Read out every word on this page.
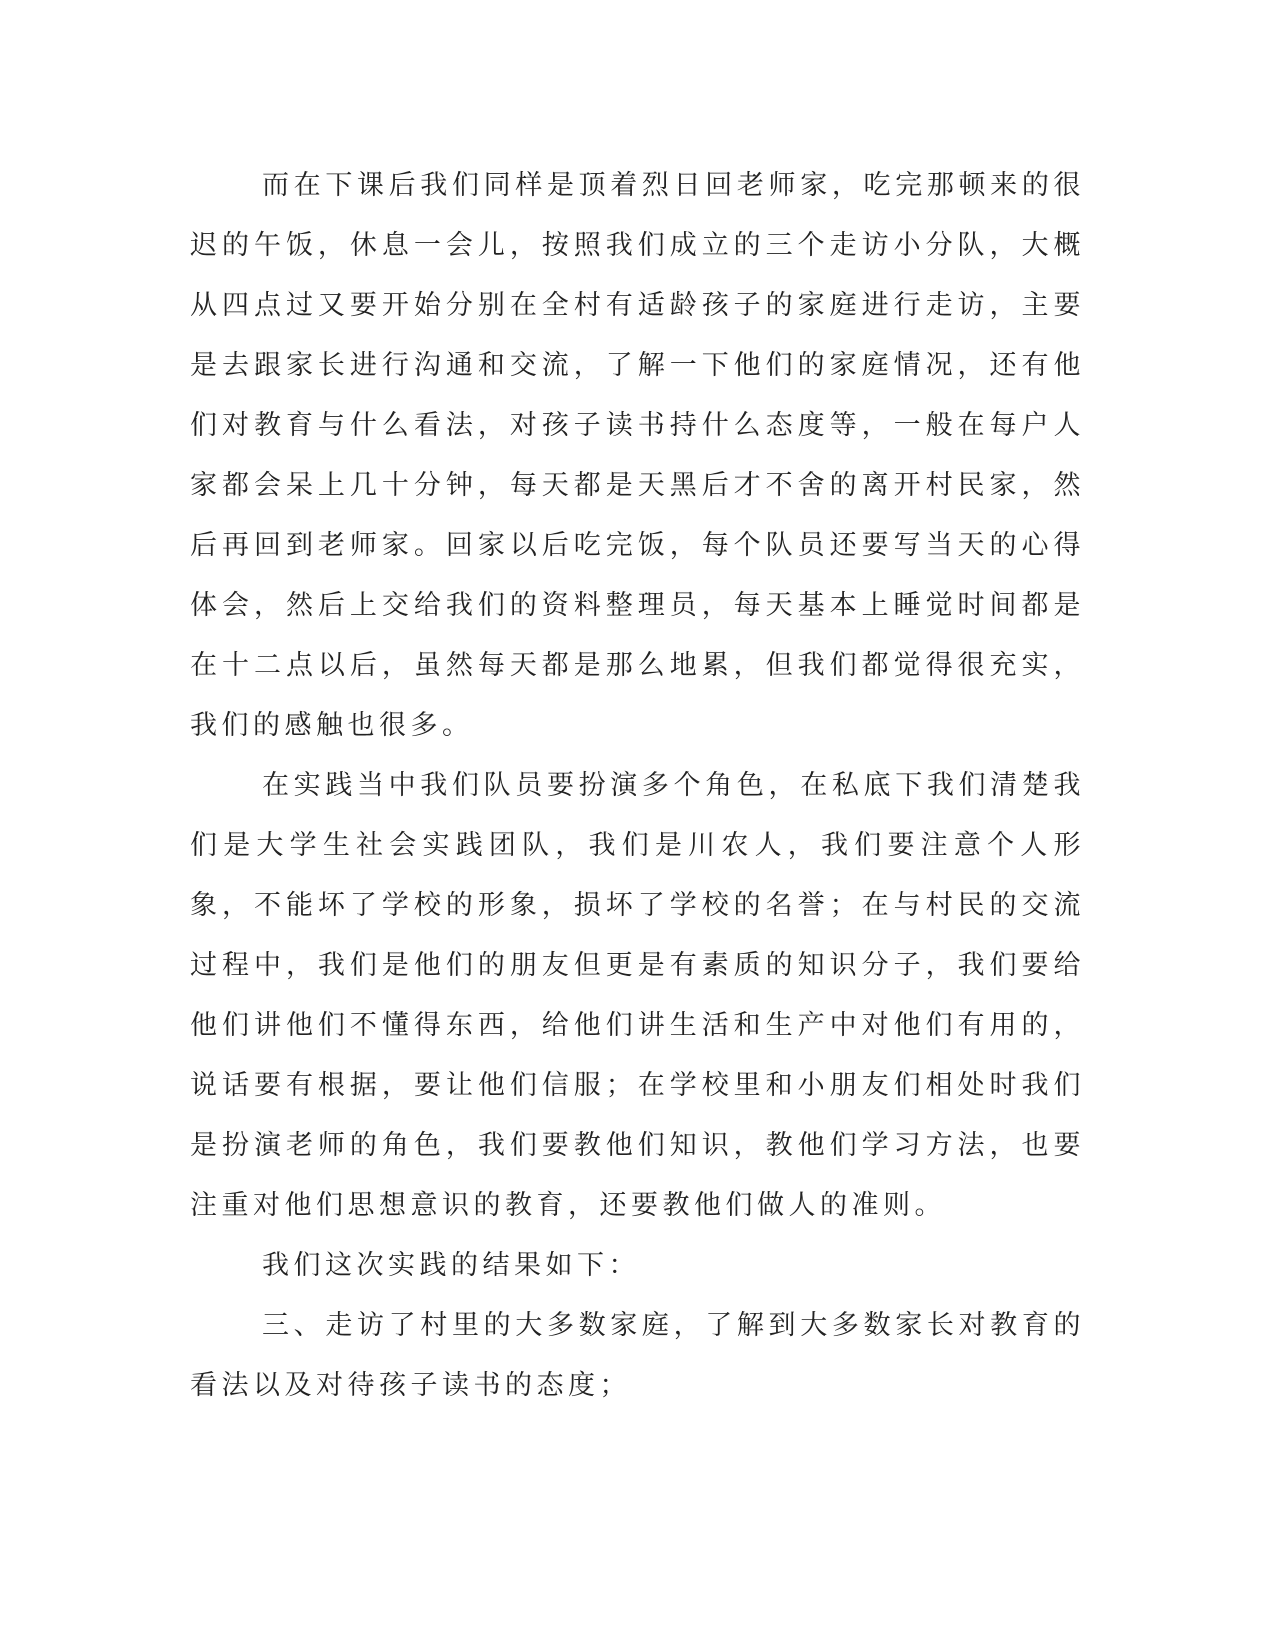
而在下课后我们同样是顶着烈日回老师家，吃完那顿来的很迟的午饭，休息一会儿，按照我们成立的三个走访小分队，大概从四点过又要开始分别在全村有适龄孩子的家庭进行走访，主要是去跟家长进行沟通和交流，了解一下他们的家庭情况，还有他们对教育与什么看法，对孩子读书持什么态度等，一般在每户人家都会呆上几十分钟，每天都是天黑后才不舍的离开村民家，然后再回到老师家。回家以后吃完饭，每个队员还要写当天的心得体会，然后上交给我们的资料整理员，每天基本上睡觉时间都是在十二点以后，虽然每天都是那么地累，但我们都觉得很充实，我们的感触也很多。

在实践当中我们队员要扮演多个角色，在私底下我们清楚我们是大学生社会实践团队，我们是川农人，我们要注意个人形象，不能坏了学校的形象，损坏了学校的名誉；在与村民的交流过程中，我们是他们的朋友但更是有素质的知识分子，我们要给他们讲他们不懂得东西，给他们讲生活和生产中对他们有用的，说话要有根据，要让他们信服；在学校里和小朋友们相处时我们是扮演老师的角色，我们要教他们知识，教他们学习方法，也要注重对他们思想意识的教育，还要教他们做人的准则。

我们这次实践的结果如下：

三、走访了村里的大多数家庭，了解到大多数家长对教育的看法以及对待孩子读书的态度；
